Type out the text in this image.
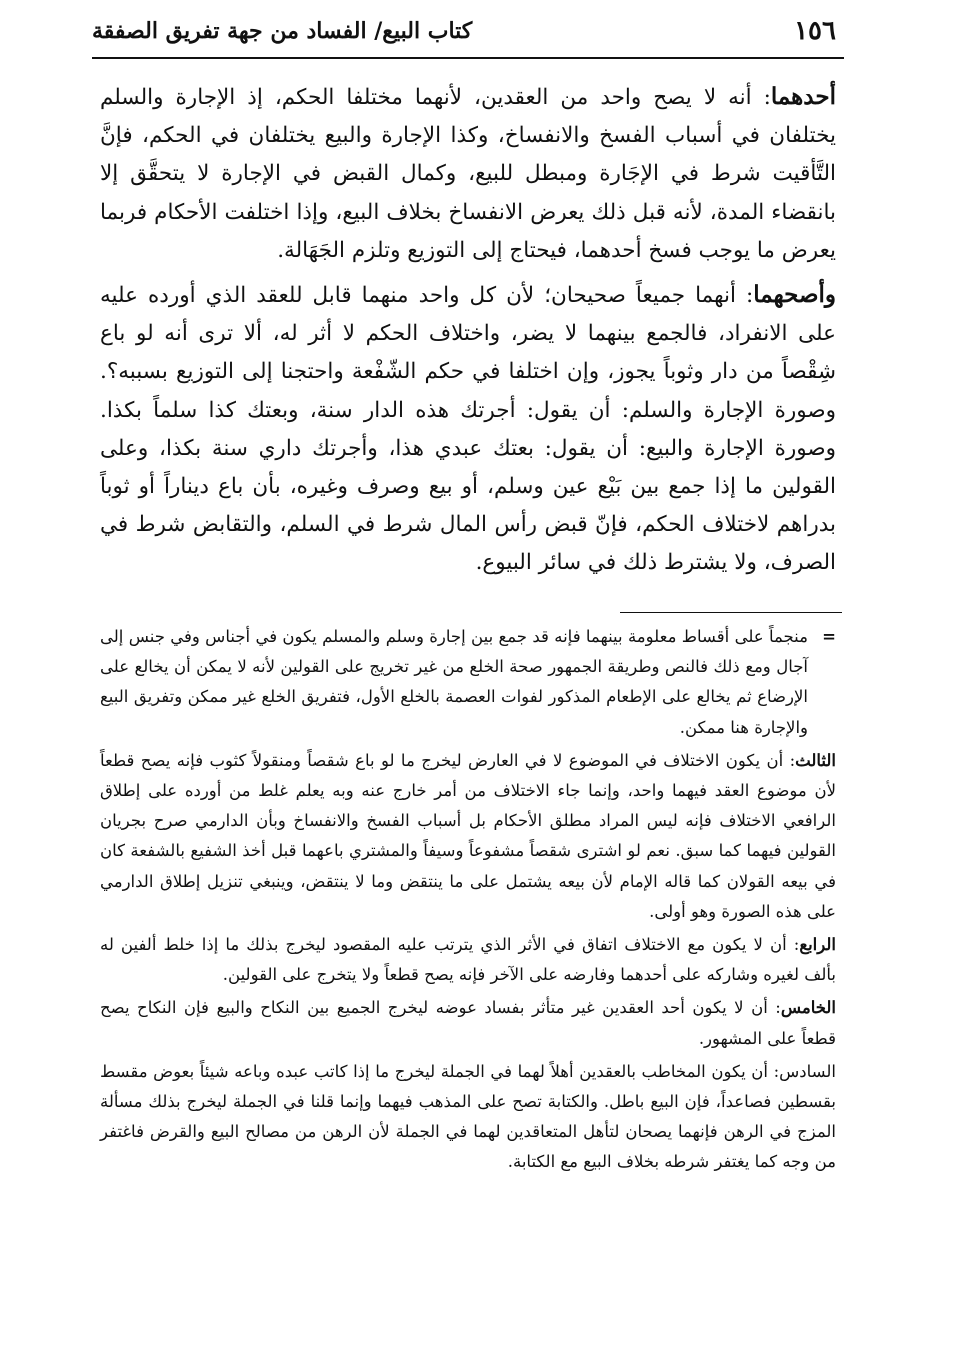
١٥٦
كتاب البيع/ الفساد من جهة تفريق الصفقة

أحدهما: أنه لا يصح واحد من العقدين، لأنهما مختلفا الحكم، إذ الإجارة والسلم يختلفان في أسباب الفسخ والانفساخ، وكذا الإجارة والبيع يختلفان في الحكم، فإنَّ التَّأقيت شرط في الإجَارة ومبطل للبيع، وكمال القبض في الإجارة لا يتحقَّق إلا بانقضاء المدة، لأنه قبل ذلك يعرض الانفساخ بخلاف البيع، وإذا اختلفت الأحكام فربما يعرض ما يوجب فسخ أحدهما، فيحتاج إلى التوزيع وتلزم الجَهَالة.

وأصحهما: أنهما جميعاً صحيحان؛ لأن كل واحد منهما قابل للعقد الذي أورده عليه على الانفراد، فالجمع بينهما لا يضر، واختلاف الحكم لا أثر له، ألا ترى أنه لو باع شِقْصاً من دار وثوباً يجوز، وإن اختلفا في حكم الشّفْعة واحتجنا إلى التوزيع بسببه؟. وصورة الإجارة والسلم: أن يقول: أجرتك هذه الدار سنة، وبعتك كذا سلماً بكذا. وصورة الإجارة والبيع: أن يقول: بعتك عبدي هذا، وأجرتك داري سنة بكذا، وعلى القولين ما إذا جمع بين بَيْع عين وسلم، أو بيع وصرف وغيره، بأن باع ديناراً أو ثوباً بدراهم لاختلاف الحكم، فإنّ قبض رأس المال شرط في السلم، والتقابض شرط في الصرف، ولا يشترط ذلك في سائر البيوع.

=
منجماً على أقساط معلومة بينهما فإنه قد جمع بين إجارة وسلم والمسلم يكون في أجناس وفي جنس إلى آجال ومع ذلك فالنص وطريقة الجمهور صحة الخلع من غير تخريج على القولين لأنه لا يمكن أن يخالع على الإرضاع ثم يخالع على الإطعام المذكور لفوات العصمة بالخلع الأول، فتفريق الخلع غير ممكن وتفريق البيع والإجارة هنا ممكن.

الثالث: أن يكون الاختلاف في الموضوع لا في العارض ليخرج ما لو باع شقصاً ومنقولاً كثوب فإنه يصح قطعاً لأن موضوع العقد فيهما واحد، وإنما جاء الاختلاف من أمر خارج عنه وبه يعلم غلط من أورده على إطلاق الرافعي الاختلاف فإنه ليس المراد مطلق الأحكام بل أسباب الفسخ والانفساخ وبأن الدارمي صرح بجريان القولين فيهما كما سبق. نعم لو اشترى شقصاً مشفوعاً وسيفاً والمشتري باعهما قبل أخذ الشفيع بالشفعة كان في بيعه القولان كما قاله الإمام لأن بيعه يشتمل على ما ينتقض وما لا ينتقض، وينبغي تنزيل إطلاق الدارمي على هذه الصورة وهو أولى.

الرابع: أن لا يكون مع الاختلاف اتفاق في الأثر الذي يترتب عليه المقصود ليخرج بذلك ما إذا خلط ألفين له بألف لغيره وشاركه على أحدهما وفارضه على الآخر فإنه يصح قطعاً ولا يتخرج على القولين.

الخامس: أن لا يكون أحد العقدين غير متأثر بفساد عوضه ليخرج الجميع بين النكاح والبيع فإن النكاح يصح قطعاً على المشهور.

السادس: أن يكون المخاطب بالعقدين أهلاً لهما في الجملة ليخرج ما إذا كاتب عبده وباعه شيئاً بعوض مقسط بقسطين فصاعداً، فإن البيع باطل. والكتابة تصح على المذهب فيهما وإنما قلنا في الجملة ليخرج بذلك مسألة المزج في الرهن فإنهما يصحان لتأهل المتعاقدين لهما في الجملة لأن الرهن من مصالح البيع والقرض فاغتفر من وجه كما يغتفر شرطه بخلاف البيع مع الكتابة.
